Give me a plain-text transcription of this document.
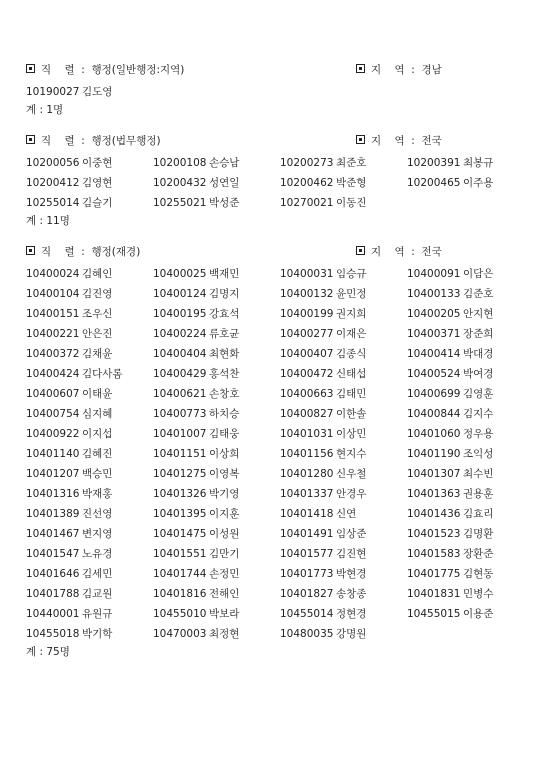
직    렬  :  행정(일반행정:지역)	지    역  :  경남
10190027 김도영
계 : 1명
직    렬  :  행정(법무행정)	지    역  :  전국
10200056 이중현	10200108 손승남	10200273 최준호	10200391 최봉규
10200412 김영현	10200432 성연일	10200462 박준형	10200465 이주용
10255014 김슬기	10255021 박성준	10270021 이동진
계 : 11명
직    렬  :  행정(재경)	지    역  :  전국
10400024 김혜인	10400025 백재민	10400031 임승규	10400091 이담은
10400104 김진영	10400124 김명지	10400132 윤민정	10400133 김준호
10400151 조우신	10400195 강효석	10400199 권지희	10400205 안지현
10400221 안은진	10400224 류호균	10400277 이재은	10400371 장준희
10400372 김채윤	10400404 최현화	10400407 김종식	10400414 박대경
10400424 김다사롬	10400429 홍석찬	10400472 신태섭	10400524 박여경
10400607 이태윤	10400621 손창호	10400663 김태민	10400699 김영훈
10400754 심지혜	10400773 하치승	10400827 이한솔	10400844 김지수
10400922 이지섭	10401007 김태웅	10401031 이상민	10401060 정우용
10401140 김혜진	10401151 이상희	10401156 현지수	10401190 조익성
10401207 백승민	10401275 이영복	10401280 신우철	10401307 최수빈
10401316 박재홍	10401326 박기영	10401337 안경우	10401363 권용훈
10401389 진선영	10401395 이지훈	10401418 신연	10401436 김효리
10401467 변지영	10401475 이성원	10401491 임상준	10401523 김명환
10401547 노유경	10401551 김만기	10401577 김진현	10401583 장환준
10401646 김세민	10401744 손정민	10401773 박현경	10401775 김현동
10401788 김교원	10401816 전해인	10401827 송창종	10401831 민병수
10440001 유원규	10455010 박보라	10455014 정현경	10455015 이용준
10455018 박기학	10470003 최정현	10480035 강명원
계 : 75명
